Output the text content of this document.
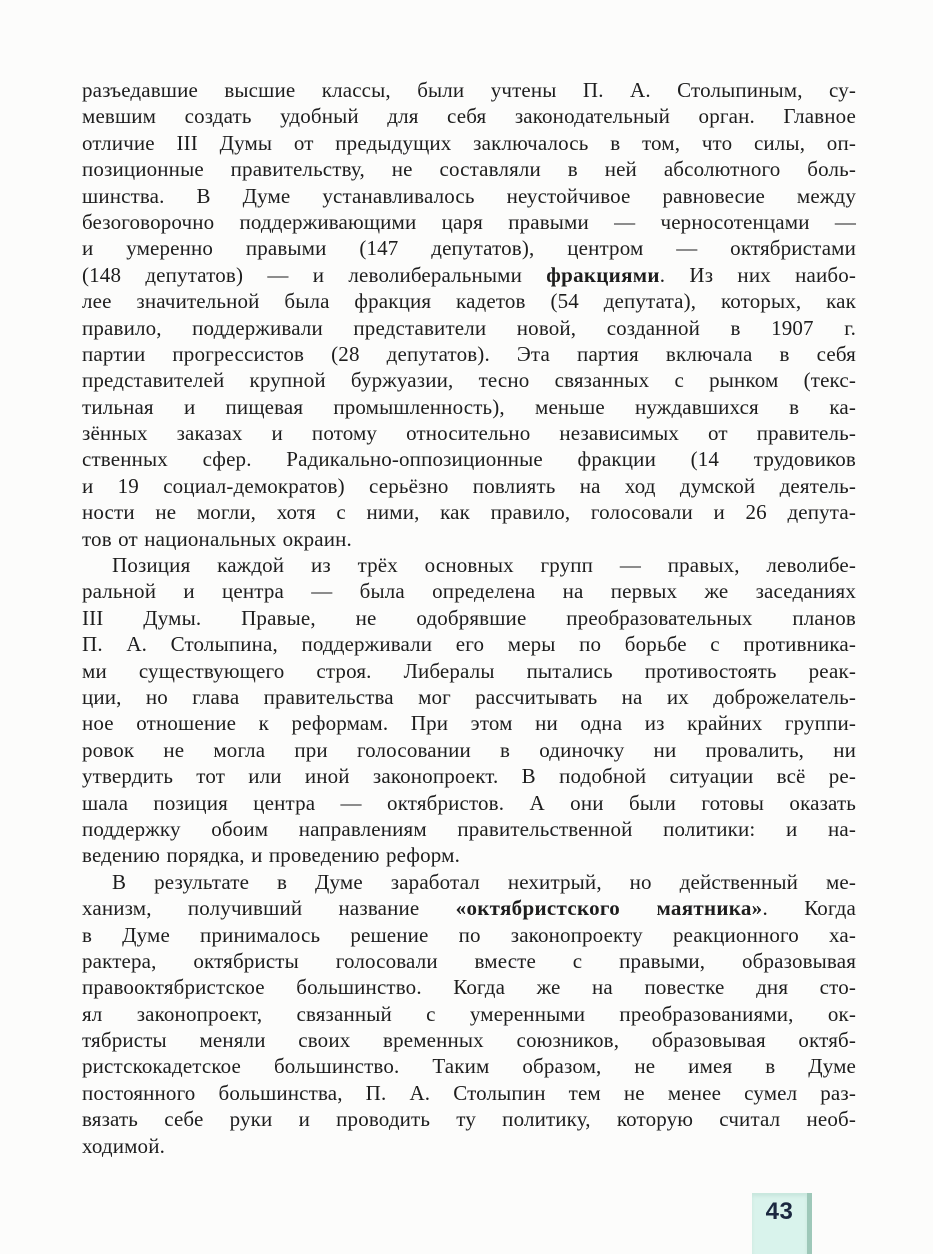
разъедавшие высшие классы, были учтены П. А. Столыпиным, су-
мевшим создать удобный для себя законодательный орган. Главное
отличие III Думы от предыдущих заключалось в том, что силы, оп-
позиционные правительству, не составляли в ней абсолютного боль-
шинства. В Думе устанавливалось неустойчивое равновесие между
безоговорочно поддерживающими царя правыми — черносотенцами —
и умеренно правыми (147 депутатов), центром — октябристами
(148 депутатов) — и леволиберальными фракциями. Из них наибо-
лее значительной была фракция кадетов (54 депутата), которых, как
правило, поддерживали представители новой, созданной в 1907 г.
партии прогрессистов (28 депутатов). Эта партия включала в себя
представителей крупной буржуазии, тесно связанных с рынком (текс-
тильная и пищевая промышленность), меньше нуждавшихся в ка-
зённых заказах и потому относительно независимых от правитель-
ственных сфер. Радикально-оппозиционные фракции (14 трудовиков
и 19 социал-демократов) серьёзно повлиять на ход думской деятель-
ности не могли, хотя с ними, как правило, голосовали и 26 депута-
тов от национальных окраин.
Позиция каждой из трёх основных групп — правых, леволибе-
ральной и центра — была определена на первых же заседаниях
III Думы. Правые, не одобрявшие преобразовательных планов
П. А. Столыпина, поддерживали его меры по борьбе с противника-
ми существующего строя. Либералы пытались противостоять реак-
ции, но глава правительства мог рассчитывать на их доброжелатель-
ное отношение к реформам. При этом ни одна из крайних группи-
ровок не могла при голосовании в одиночку ни провалить, ни
утвердить тот или иной законопроект. В подобной ситуации всё ре-
шала позиция центра — октябристов. А они были готовы оказать
поддержку обоим направлениям правительственной политики: и на-
ведению порядка, и проведению реформ.
В результате в Думе заработал нехитрый, но действенный ме-
ханизм, получивший название «октябристского маятника». Когда
в Думе принималось решение по законопроекту реакционного ха-
рактера, октябристы голосовали вместе с правыми, образовывая
правооктябристское большинство. Когда же на повестке дня сто-
ял законопроект, связанный с умеренными преобразованиями, ок-
тябристы меняли своих временных союзников, образовывая октяб-
ристскокадетское большинство. Таким образом, не имея в Думе
постоянного большинства, П. А. Столыпин тем не менее сумел раз-
вязать себе руки и проводить ту политику, которую считал необ-
ходимой.
43
